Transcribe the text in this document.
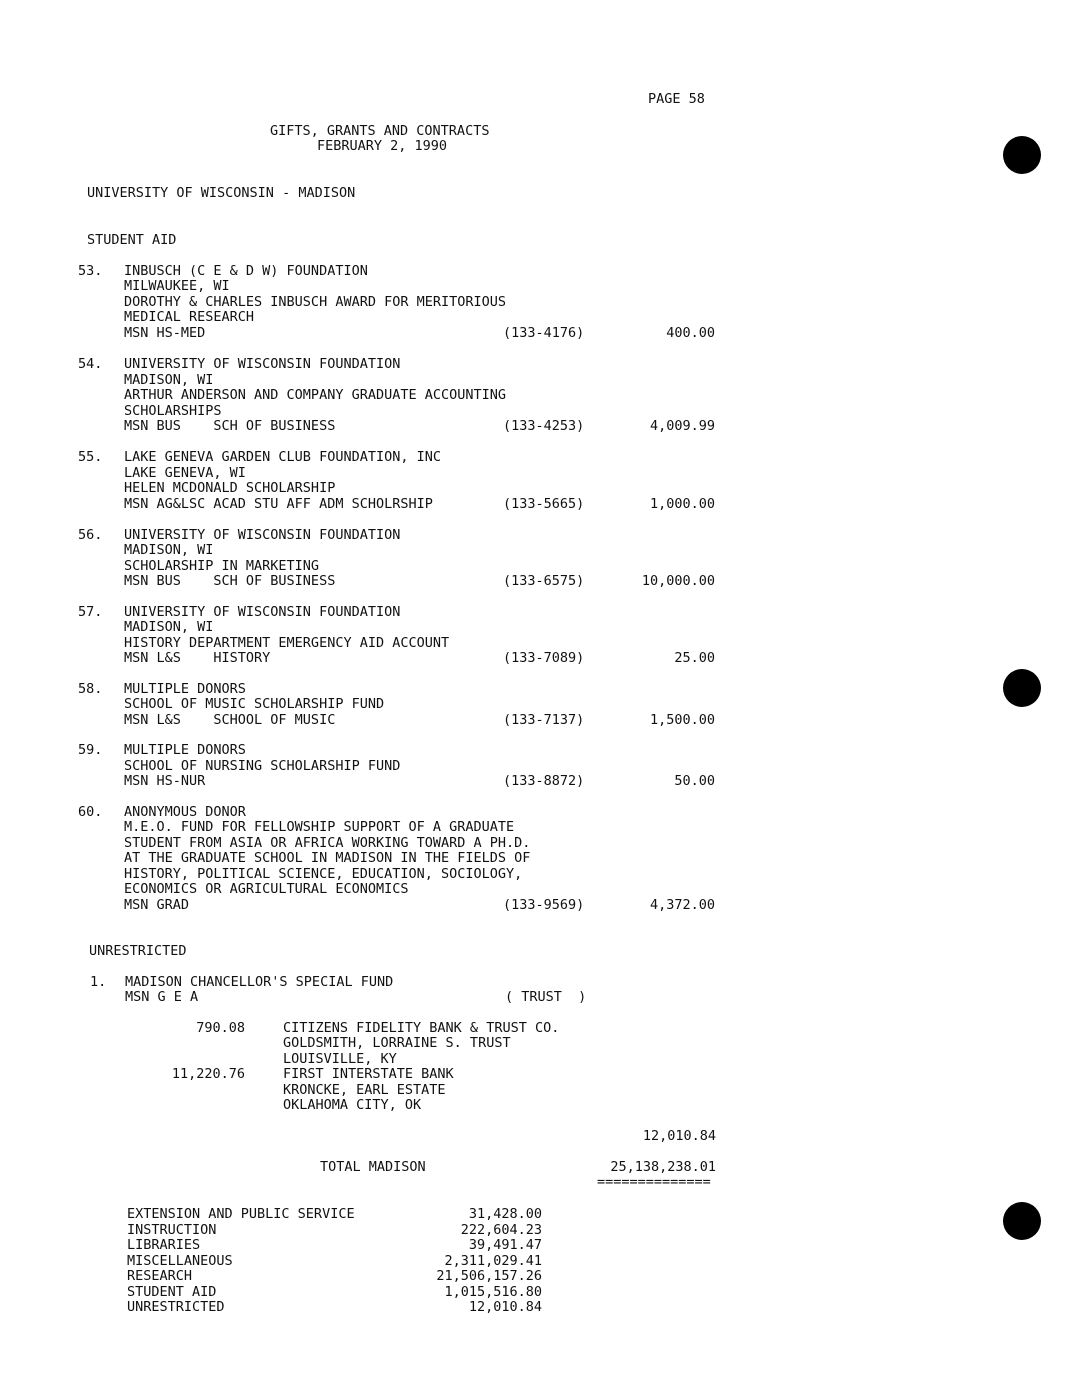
PAGE 58
GIFTS, GRANTS AND CONTRACTS
FEBRUARY 2, 1990
UNIVERSITY OF WISCONSIN - MADISON
STUDENT AID
53. INBUSCH (C E & D W) FOUNDATION
MILWAUKEE, WI
DOROTHY & CHARLES INBUSCH AWARD FOR MERITORIOUS
MEDICAL RESEARCH
MSN HS-MED	(133-4176)	400.00
54. UNIVERSITY OF WISCONSIN FOUNDATION
MADISON, WI
ARTHUR ANDERSON AND COMPANY GRADUATE ACCOUNTING
SCHOLARSHIPS
MSN BUS    SCH OF BUSINESS	(133-4253)	4,009.99
55. LAKE GENEVA GARDEN CLUB FOUNDATION, INC
LAKE GENEVA, WI
HELEN MCDONALD SCHOLARSHIP
MSN AG&LSC ACAD STU AFF ADM SCHOLRSHIP	(133-5665)	1,000.00
56. UNIVERSITY OF WISCONSIN FOUNDATION
MADISON, WI
SCHOLARSHIP IN MARKETING
MSN BUS    SCH OF BUSINESS	(133-6575)	10,000.00
57. UNIVERSITY OF WISCONSIN FOUNDATION
MADISON, WI
HISTORY DEPARTMENT EMERGENCY AID ACCOUNT
MSN L&S    HISTORY	(133-7089)	25.00
58. MULTIPLE DONORS
SCHOOL OF MUSIC SCHOLARSHIP FUND
MSN L&S    SCHOOL OF MUSIC	(133-7137)	1,500.00
59. MULTIPLE DONORS
SCHOOL OF NURSING SCHOLARSHIP FUND
MSN HS-NUR	(133-8872)	50.00
60. ANONYMOUS DONOR
M.E.O. FUND FOR FELLOWSHIP SUPPORT OF A GRADUATE
STUDENT FROM ASIA OR AFRICA WORKING TOWARD A PH.D.
AT THE GRADUATE SCHOOL IN MADISON IN THE FIELDS OF
HISTORY, POLITICAL SCIENCE, EDUCATION, SOCIOLOGY,
ECONOMICS OR AGRICULTURAL ECONOMICS
MSN GRAD	(133-9569)	4,372.00
UNRESTRICTED
1. MADISON CHANCELLOR'S SPECIAL FUND
MSN G E A	( TRUST  )
790.08	CITIZENS FIDELITY BANK & TRUST CO.
GOLDSMITH, LORRAINE S. TRUST
LOUISVILLE, KY
11,220.76	FIRST INTERSTATE BANK
KRONCKE, EARL ESTATE
OKLAHOMA CITY, OK
12,010.84
TOTAL MADISON	25,138,238.01
==============
EXTENSION AND PUBLIC SERVICE	31,428.00
INSTRUCTION	222,604.23
LIBRARIES	39,491.47
MISCELLANEOUS	2,311,029.41
RESEARCH	21,506,157.26
STUDENT AID	1,015,516.80
UNRESTRICTED	12,010.84
